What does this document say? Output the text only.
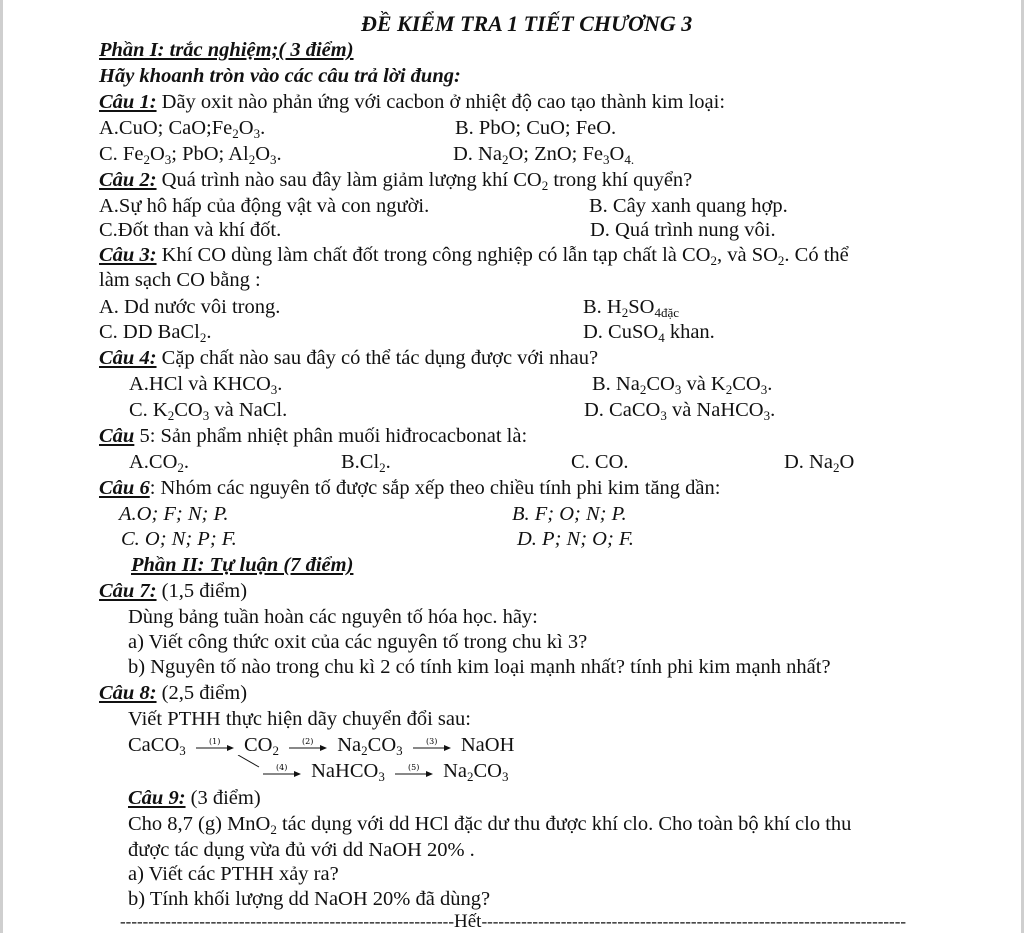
ĐỀ KIỂM TRA 1 TIẾT CHƯƠNG 3
Phần I: trắc nghiệm;( 3 điểm)
Hãy khoanh tròn vào các câu trả lời đung:
Câu 1: Dãy oxit nào phản ứng với cacbon ở nhiệt độ cao tạo thành kim loại:
A.CuO; $CaO;Fe_2O_3$.	B. PbO; CuO; FeO.
C. $Fe_2O_3$; PbO; $Al_2O_3$.	D. $Na_2O$; ZnO; $Fe_3O_{4.}$
Câu 2: Quá trình nào sau đây làm giảm lượng khí $CO_2$ trong khí quyển?
A.Sự hô hấp của động vật và con người.	B. Cây xanh quang hợp.
C.Đốt than và khí đốt.	D. Quá trình nung vôi.
Câu 3: Khí CO dùng làm chất đốt trong công nghiệp có lẫn tạp chất là $CO_2$, và $SO_2$. Có thể
làm sạch CO bằng :
A. Dd nước vôi trong.	B. $H_2SO_{4đặc}$
C. DD BaCl$_2$.	D. CuSO$_4$ khan.
Câu 4: Cặp chất nào sau đây có thể tác dụng được với nhau?
A.HCl và $KHCO_3$.	B. $Na_2CO_3$ và $K_2CO_3$.
C. $K_2CO_3$ và NaCl.	D. CaCO$_3$ và NaHCO$_3$.
Câu 5: Sản phẩm nhiệt phân muối hiđrocacbonat là:
$A.CO_2$.	$B.Cl_2$.	C. CO.	D. $Na_2O$
Câu 6: Nhóm các nguyên tố được sắp xếp theo chiều tính phi kim tăng dần:
A.O; F; N; P.	B. F; O; N; P.
C. O; N; P; F.	D. P; N; O; F.
Phần II: Tự luận (7 điểm)
Câu 7: (1,5 điểm)
Dùng bảng tuần hoàn các nguyên tố hóa học. hãy:
a) Viết công thức oxit của các nguyên tố trong chu kì 3?
b) Nguyên tố nào trong chu kì 2 có tính kim loại mạnh nhất? tính phi kim mạnh nhất?
Câu 8: (2,5 điểm)
Viết PTHH thực hiện dãy chuyển đổi sau:
CaCO$_3$
(1) $CO_2$
(2) $Na_2CO_3$
(3) NaOH
(4) NaHCO$_3$
(5) $Na_2CO_3$
Câu 9: (3 điểm)
Cho 8,7 (g) MnO$_2$ tác dụng với dd HCl đặc dư thu được khí clo. Cho toàn bộ khí clo thu
được tác dụng vừa đủ với dd NaOH 20% .
a) Viết các PTHH xảy ra?
b) Tính khối lượng dd NaOH 20% đã dùng?
-----------------------------------------------------------Hết---------------------------------------------------------------------------
